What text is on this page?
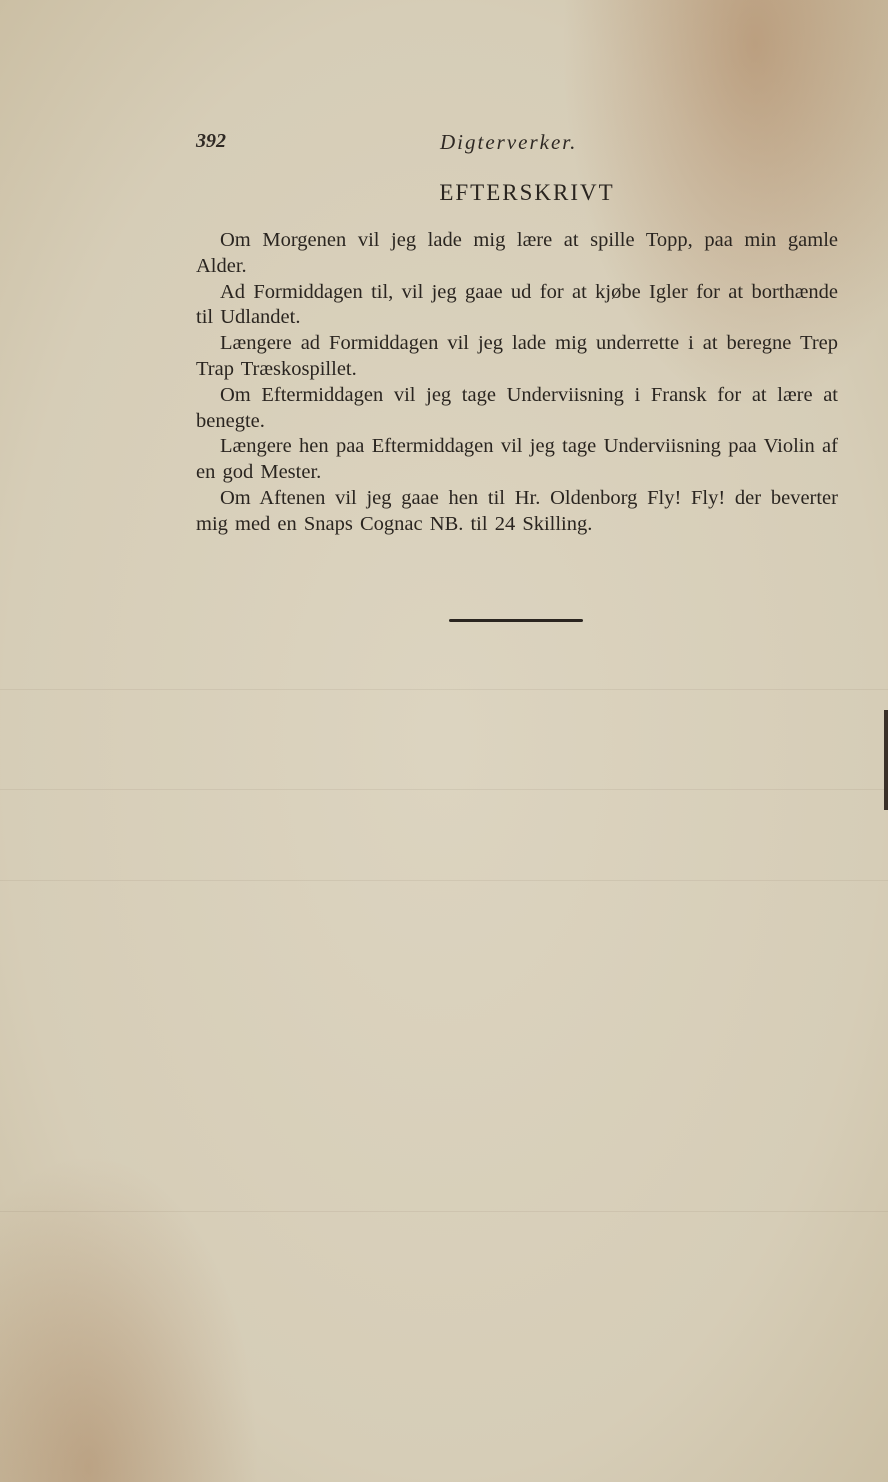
392	Digterverker.
EFTERSKRIVT

Om Morgenen vil jeg lade mig lære at spille Topp, paa min gamle Alder.

Ad Formiddagen til, vil jeg gaae ud for at kjøbe Igler for at borthænde til Udlandet.

Længere ad Formiddagen vil jeg lade mig underrette i at beregne Trep Trap Træskospillet.

Om Eftermiddagen vil jeg tage Underviisning i Fransk for at lære at benegte.

Længere hen paa Eftermiddagen vil jeg tage Underviisning paa Violin af en god Mester.

Om Aftenen vil jeg gaae hen til Hr. Oldenborg Fly! Fly! der beverter mig med en Snaps Cognac NB. til 24 Skilling.
